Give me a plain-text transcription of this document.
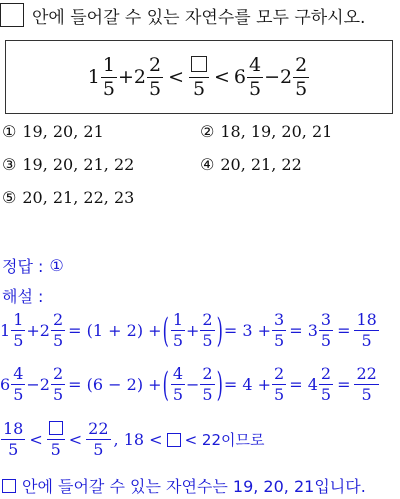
안에 들어갈 수 있는 자연수를 모두 구하시오.
$1 \frac{1}{5} + 2 \frac{2}{5}$ <
5
< $6 \frac{4}{5} - 2 \frac{2}{5}$
① 19, 20, 21	② 18, 19, 20, 21
③ 19, 20, 21, 22	④ 20, 21, 22
⑤ 20, 21, 22, 23
정답 : ①
해설 :
$1 \frac{1}{5} + 2 \frac{2}{5} = (1 + 2)$ + ( $\frac{1}{5} + \frac{2}{5}$ ) = $3 + \frac{3}{5} = 3 \frac{3}{5} = \frac{18}{5}$
$6 \frac{4}{5} - 2 \frac{2}{5} = (6 - 2)$ + ( $\frac{4}{5} - \frac{2}{5}$ ) = $4 + \frac{2}{5} = 4 \frac{2}{5} = \frac{22}{5}$
$\frac{18}{5}$ <
5
< $\frac{22}{5}$ , 18 < < 22이므로
안에 들어갈 수 있는 자연수는 19, 20, 21입니다.
